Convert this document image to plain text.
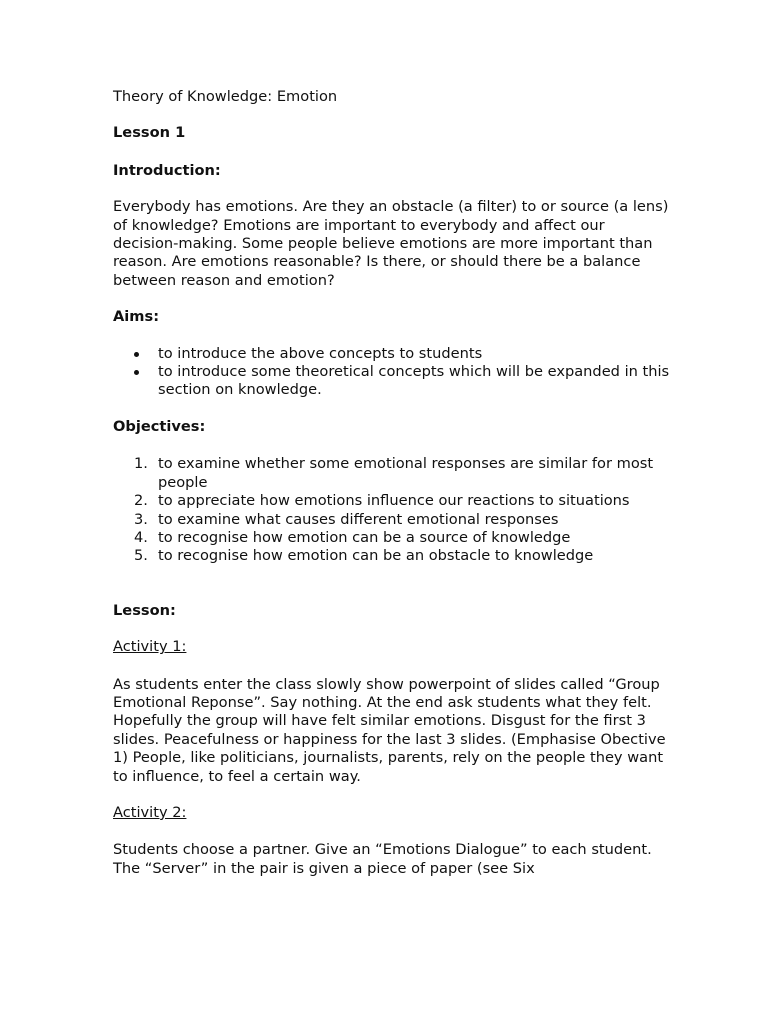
Theory of Knowledge: Emotion
Lesson 1
Introduction:
Everybody has emotions. Are they an obstacle (a filter) to or source (a lens) of knowledge? Emotions are important to everybody and affect our decision-making. Some people believe emotions are more important than reason. Are emotions reasonable? Is there, or should there be a balance between reason and emotion?
Aims:
to introduce the above concepts to students
to introduce some theoretical concepts which will be expanded in this section on knowledge.
Objectives:
1. to examine whether some emotional responses are similar for most people
2. to appreciate how emotions influence our reactions to situations
3. to examine what causes different emotional responses
4. to recognise how emotion can be a source of knowledge
5. to recognise how emotion can be an obstacle to knowledge
Lesson:
Activity 1:
As students enter the class slowly show powerpoint of slides called “Group Emotional Reponse”. Say nothing. At the end ask students what they felt. Hopefully the group will have felt similar emotions. Disgust for the first 3 slides. Peacefulness or happiness for the last 3 slides. (Emphasise Obective 1) People, like politicians, journalists, parents, rely on the people they want to influence, to feel a certain way.
Activity 2:
Students choose a partner. Give an “Emotions Dialogue” to each student. The “Server” in the pair is given a piece of paper (see Six
